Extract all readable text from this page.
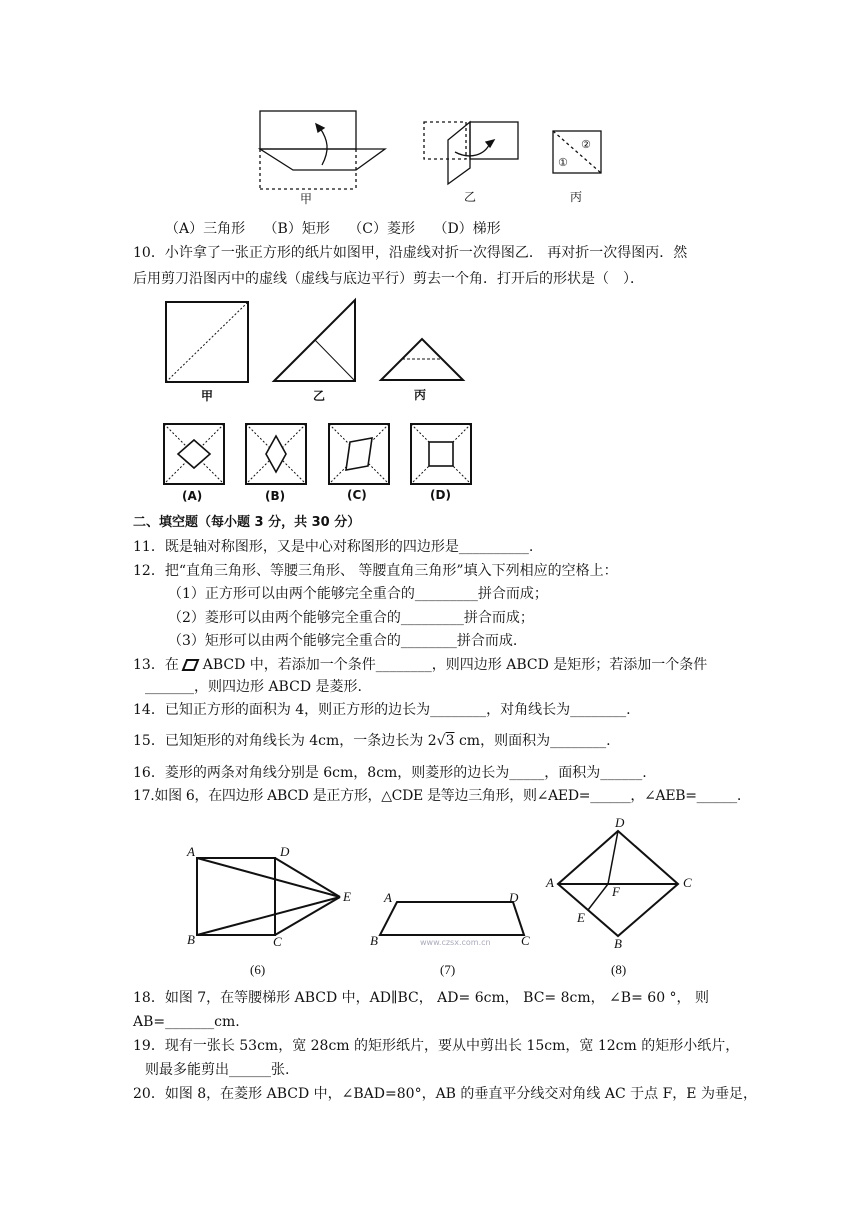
甲	乙	丙
②
①
（A）三角形　 （B）矩形　 （C）菱形　 （D）梯形
10．小许拿了一张正方形的纸片如图甲，沿虚线对折一次得图乙． 再对折一次得图丙．然
后用剪刀沿图丙中的虚线（虚线与底边平行）剪去一个角．打开后的形状是（　）．
甲	乙	丙
(A)	(B)	(C)	(D)
二、填空题（每小题 3 分，共 30 分）
11．既是轴对称图形，又是中心对称图形的四边形是__________.
12．把“直角三角形、等腰三角形、 等腰直角三角形”填入下列相应的空格上：
（1）正方形可以由两个能够完全重合的_________拼合而成；
（2）菱形可以由两个能够完全重合的_________拼合而成；
（3）矩形可以由两个能够完全重合的________拼合而成.
13．在 ABCD 中，若添加一个条件________，则四边形 ABCD 是矩形；若添加一个条件
_______，则四边形 ABCD 是菱形.
14．已知正方形的面积为 4，则正方形的边长为________，对角线长为________.
15．已知矩形的对角线长为 4cm，一条边长为 2√3 cm，则面积为________.
16．菱形的两条对角线分别是 6cm，8cm，则菱形的边长为_____，面积为______.
17.如图 6，在四边形 ABCD 是正方形，△CDE 是等边三角形，则∠AED=______，∠AEB=______.
A	D
E
B	C
(6)
A	D
B	C
www.czsx.com.cn
(7)
D
A
F
C
E
B
(8)
18．如图 7，在等腰梯形 ABCD 中，AD∥BC， AD= 6cm， BC= 8cm， ∠B= 60 °， 则
AB=_______cm.
19．现有一张长 53cm，宽 28cm 的矩形纸片，要从中剪出长 15cm，宽 12cm 的矩形小纸片，
则最多能剪出______张.
20．如图 8，在菱形 ABCD 中，∠BAD=80°，AB 的垂直平分线交对角线 AC 于点 F，E 为垂足，
